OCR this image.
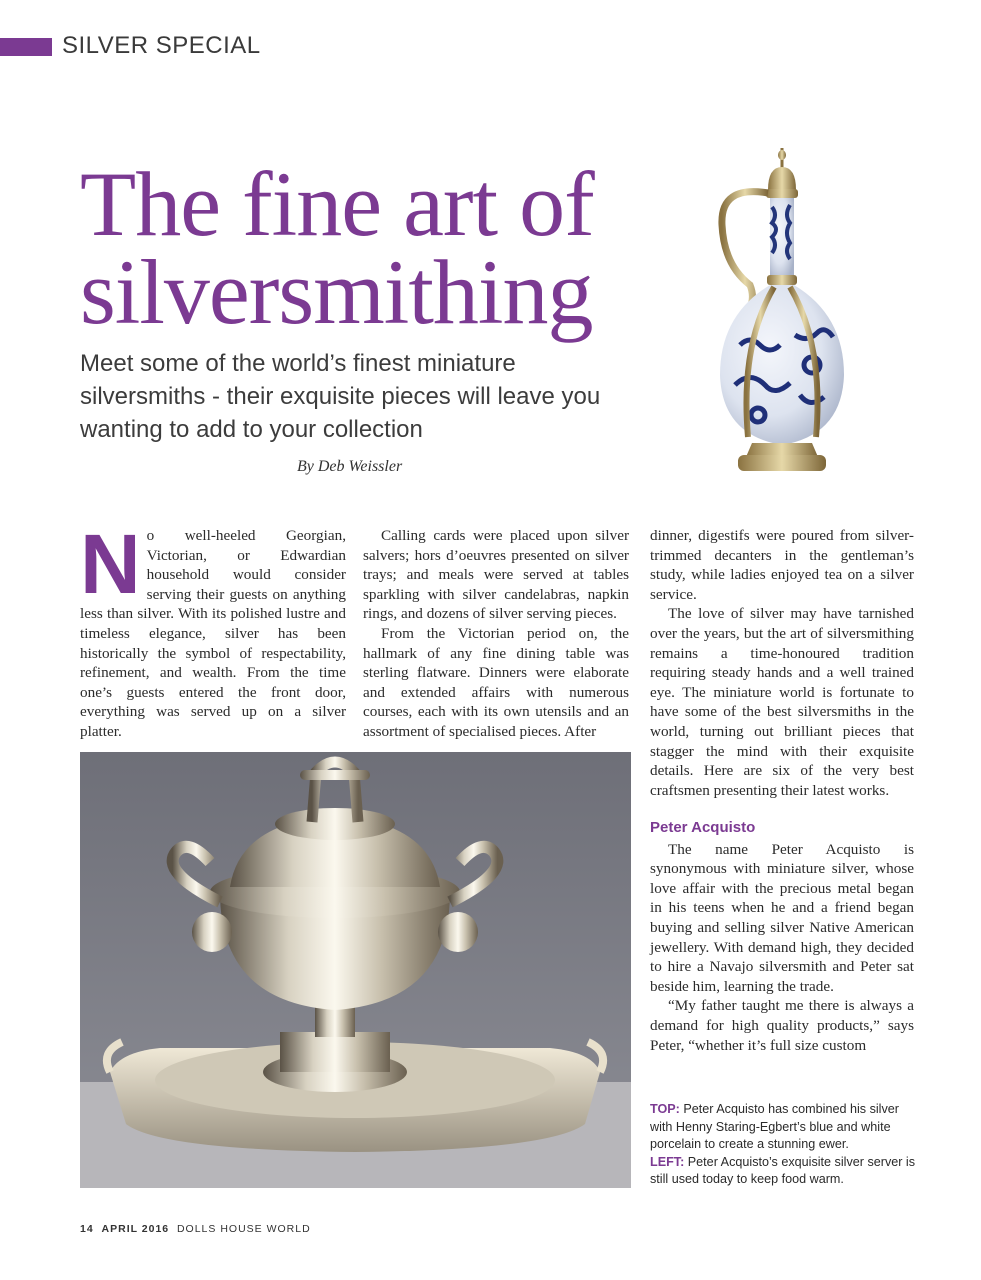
SILVER SPECIAL
The fine art of silversmithing

Meet some of the world’s finest miniature silversmiths - their exquisite pieces will leave you wanting to add to your collection

By Deb Weissler

No well-heeled Georgian, Victorian, or Edwardian household would consider serving their guests on anything less than silver. With its polished lustre and timeless elegance, silver has been historically the symbol of respectability, refinement, and wealth. From the time one’s guests entered the front door, everything was served up on a silver platter.

Calling cards were placed upon silver salvers; hors d’oeuvres presented on silver trays; and meals were served at tables sparkling with silver candelabras, napkin rings, and dozens of silver serving pieces.

From the Victorian period on, the hallmark of any fine dining table was sterling flatware. Dinners were elaborate and extended affairs with numerous courses, each with its own utensils and an assortment of specialised pieces. After

dinner, digestifs were poured from silver-trimmed decanters in the gentleman’s study, while ladies enjoyed tea on a silver service.

The love of silver may have tarnished over the years, but the art of silversmithing remains a time-honoured tradition requiring steady hands and a well trained eye. The miniature world is fortunate to have some of the best silversmiths in the world, turning out brilliant pieces that stagger the mind with their exquisite details. Here are six of the very best craftsmen presenting their latest works.

Peter Acquisto

The name Peter Acquisto is synonymous with miniature silver, whose love affair with the precious metal began in his teens when he and a friend began buying and selling silver Native American jewellery. With demand high, they decided to hire a Navajo silversmith and Peter sat beside him, learning the trade.

“My father taught me there is always a demand for high quality products,” says Peter, “whether it’s full size custom

TOP: Peter Acquisto has combined his silver with Henny Staring-Egbert’s blue and white porcelain to create a stunning ewer.

LEFT: Peter Acquisto’s exquisite silver server is still used today to keep food warm.

14 APRIL 2016 DOLLS HOUSE WORLD
